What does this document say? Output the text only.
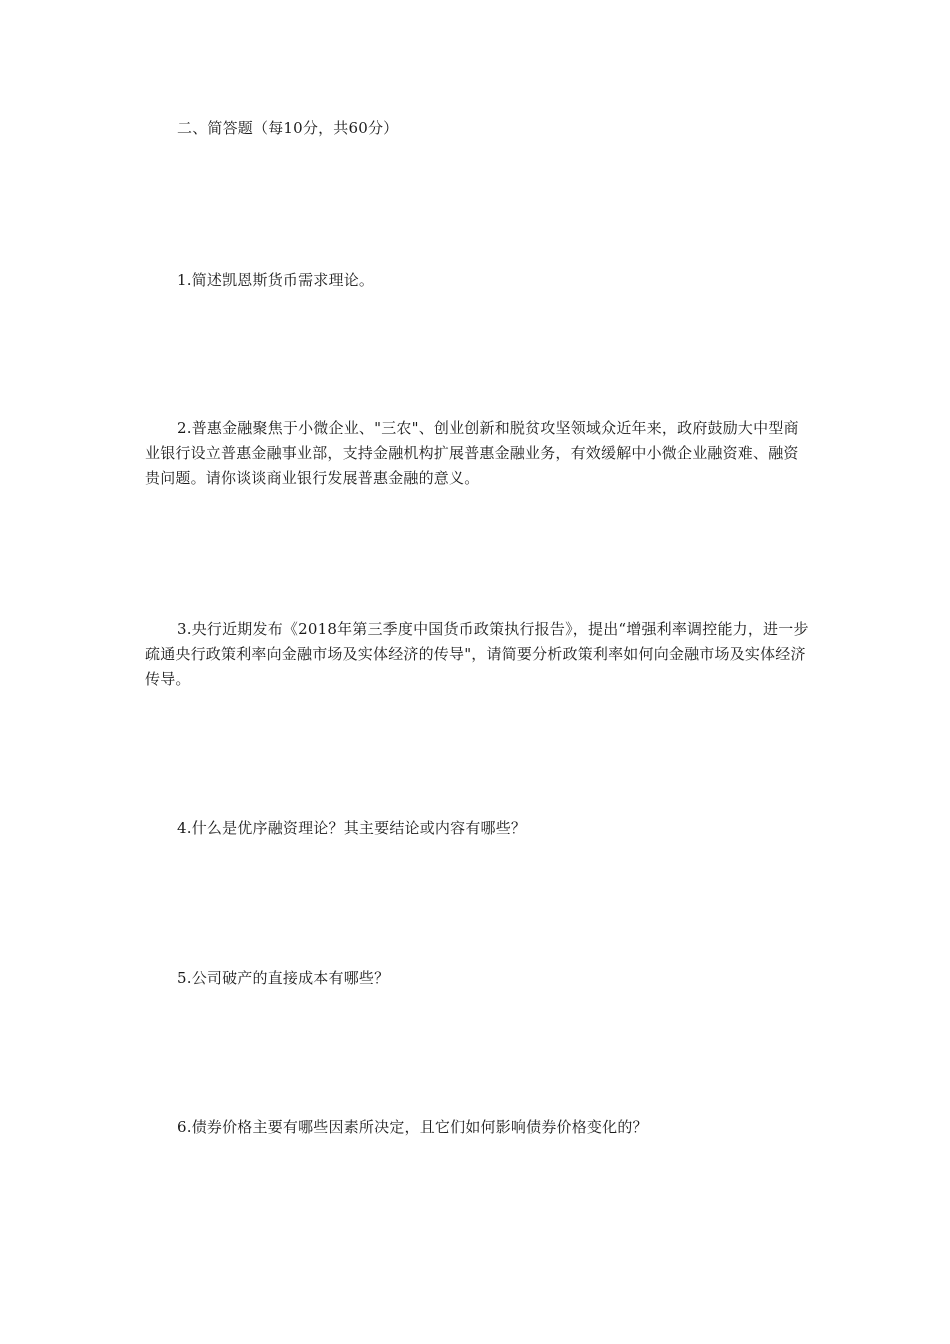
二、简答题（每10分，共60分）

1.简述凯恩斯货币需求理论。

2.普惠金融聚焦于小微企业、"三农"、创业创新和脱贫攻坚领域众近年来，政府鼓励大中型商业银行设立普惠金融事业部，支持金融机构扩展普惠金融业务，有效缓解中小微企业融资难、融资贵问题。请你谈谈商业银行发展普惠金融的意义。

3.央行近期发布《2018年第三季度中国货币政策执行报告》，提出“增强利率调控能力，进一步疏通央行政策利率向金融市场及实体经济的传导"，请简要分析政策利率如何向金融市场及实体经济传导。

4.什么是优序融资理论？其主要结论或内容有哪些？

5.公司破产的直接成本有哪些？

6.债券价格主要有哪些因素所决定，且它们如何影响债券价格变化的？
